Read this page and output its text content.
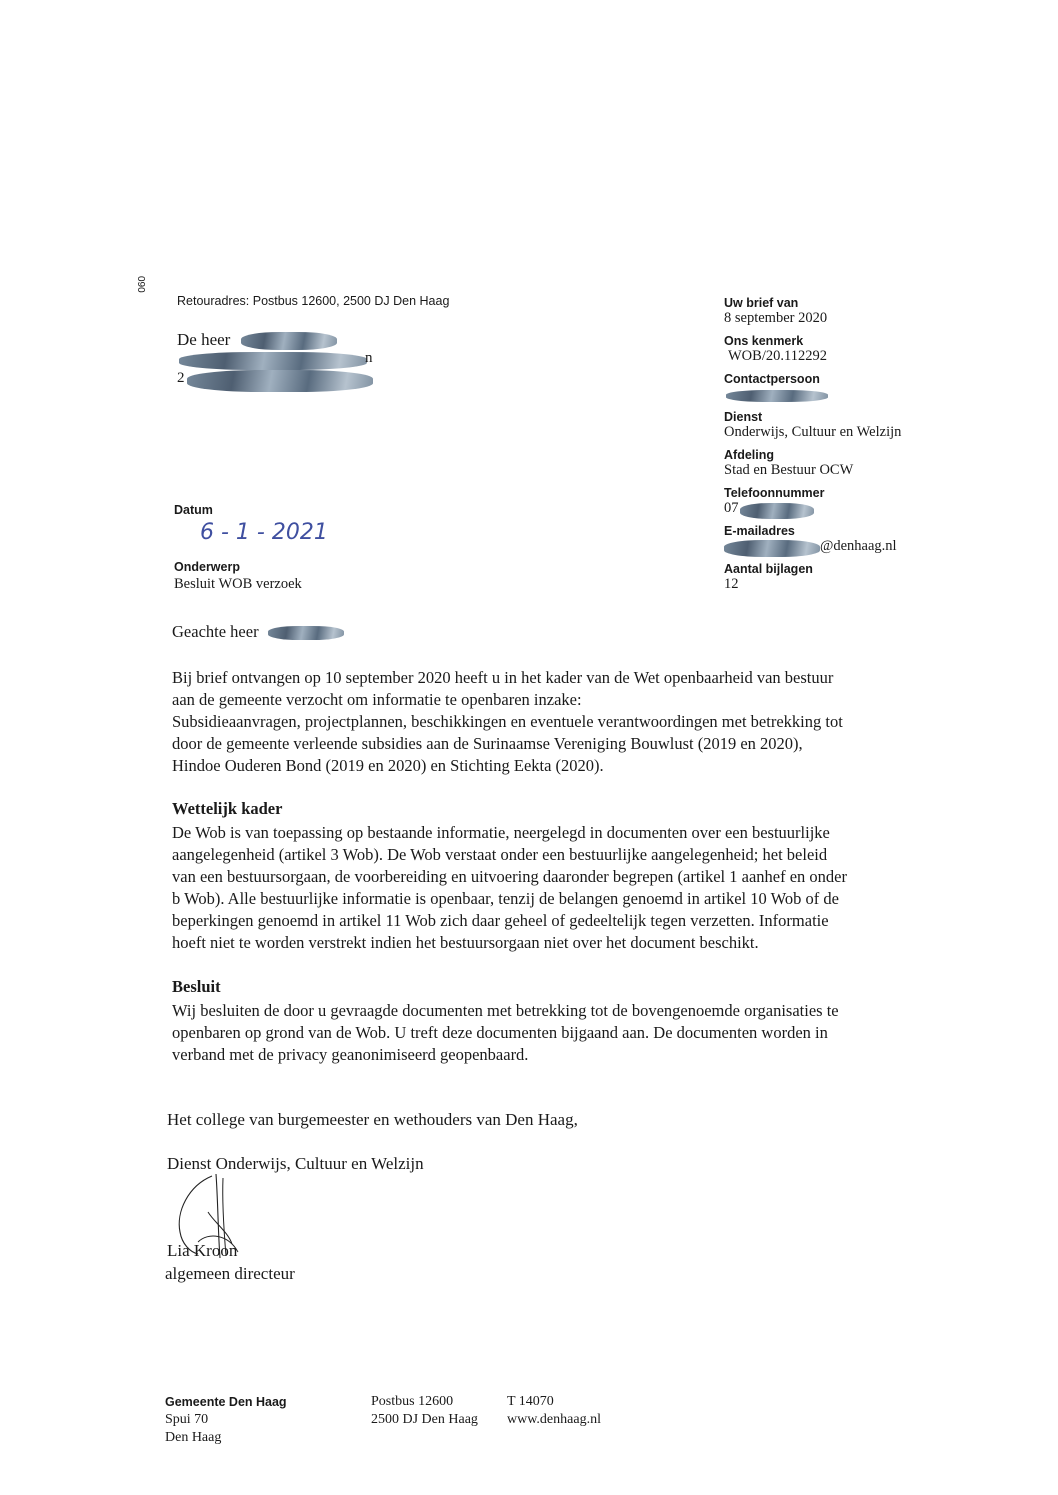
090
Retouradres: Postbus 12600, 2500 DJ Den Haag
De heer
n
2
Uw brief van
8 september 2020
Ons kenmerk
WOB/20.112292
Contactpersoon
Dienst
Onderwijs, Cultuur en Welzijn
Afdeling
Stad en Bestuur OCW
Telefoonnummer
07
E-mailadres
@denhaag.nl
Aantal bijlagen
12
Datum
6 - 1 - 2021
Onderwerp
Besluit WOB verzoek
Geachte heer

Bij brief ontvangen op 10 september 2020 heeft u in het kader van de Wet openbaarheid van bestuur

aan de gemeente verzocht om informatie te openbaren inzake:

Subsidieaanvragen, projectplannen, beschikkingen en eventuele verantwoordingen met betrekking tot

door de gemeente verleende subsidies aan de Surinaamse Vereniging Bouwlust (2019 en 2020),

Hindoe Ouderen Bond (2019 en 2020) en Stichting Eekta (2020).

Wettelijk kader

De Wob is van toepassing op bestaande informatie, neergelegd in documenten over een bestuurlijke

aangelegenheid (artikel 3 Wob). De Wob verstaat onder een bestuurlijke aangelegenheid; het beleid

van een bestuursorgaan, de voorbereiding en uitvoering daaronder begrepen (artikel 1 aanhef en onder

b Wob). Alle bestuurlijke informatie is openbaar, tenzij de belangen genoemd in artikel 10 Wob of de

beperkingen genoemd in artikel 11 Wob zich daar geheel of gedeeltelijk tegen verzetten. Informatie

hoeft niet te worden verstrekt indien het bestuursorgaan niet over het document beschikt.

Besluit

Wij besluiten de door u gevraagde documenten met betrekking tot de bovengenoemde organisaties te

openbaren op grond van de Wob. U treft deze documenten bijgaand aan. De documenten worden in

verband met de privacy geanonimiseerd geopenbaard.

Het college van burgemeester en wethouders van Den Haag,
Dienst Onderwijs, Cultuur en Welzijn
Lia Kroon
algemeen directeur
Gemeente Den Haag
Spui 70
Den Haag
Postbus 12600
2500 DJ Den Haag
T 14070
www.denhaag.nl
